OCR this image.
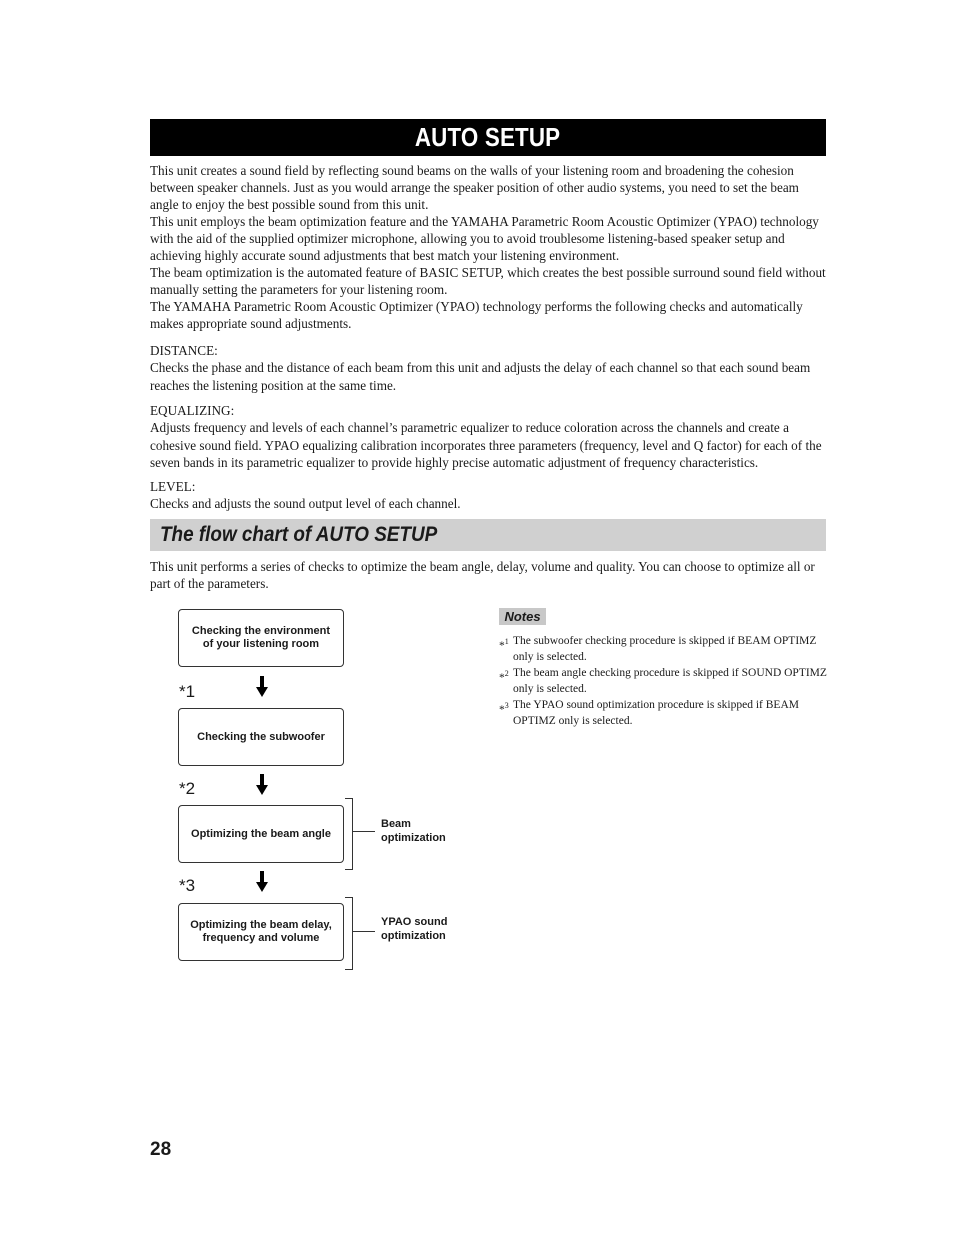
AUTO SETUP

This unit creates a sound field by reflecting sound beams on the walls of your listening room and broadening the cohesion between speaker channels. Just as you would arrange the speaker position of other audio systems, you need to set the beam angle to enjoy the best possible sound from this unit.

This unit employs the beam optimization feature and the YAMAHA Parametric Room Acoustic Optimizer (YPAO) technology with the aid of the supplied optimizer microphone, allowing you to avoid troublesome listening-based speaker setup and achieving highly accurate sound adjustments that best match your listening environment.

The beam optimization is the automated feature of BASIC SETUP, which creates the best possible surround sound field without manually setting the parameters for your listening room.

The YAMAHA Parametric Room Acoustic Optimizer (YPAO) technology performs the following checks and automatically makes appropriate sound adjustments.

DISTANCE:

Checks the phase and the distance of each beam from this unit and adjusts the delay of each channel so that each sound beam reaches the listening position at the same time.

EQUALIZING:

Adjusts frequency and levels of each channel’s parametric equalizer to reduce coloration across the channels and create a cohesive sound field. YPAO equalizing calibration incorporates three parameters (frequency, level and Q factor) for each of the seven bands in its parametric equalizer to provide highly precise automatic adjustment of frequency characteristics.

LEVEL:

Checks and adjusts the sound output level of each channel.

The flow chart of AUTO SETUP
This unit performs a series of checks to optimize the beam angle, delay, volume and quality. You can choose to optimize all or part of the parameters.
Checking the environment
of your listening room
*1
Checking the subwoofer
*2
Optimizing the beam angle
*3
Optimizing the beam delay,
frequency and volume
Beam
optimization
YPAO sound
optimization
Notes
*$^1$ The subwoofer checking procedure is skipped if BEAM OPTIMZ only is selected.
*$^2$ The beam angle checking procedure is skipped if SOUND OPTIMZ only is selected.
*$^3$ The YPAO sound optimization procedure is skipped if BEAM OPTIMZ only is selected.
28
